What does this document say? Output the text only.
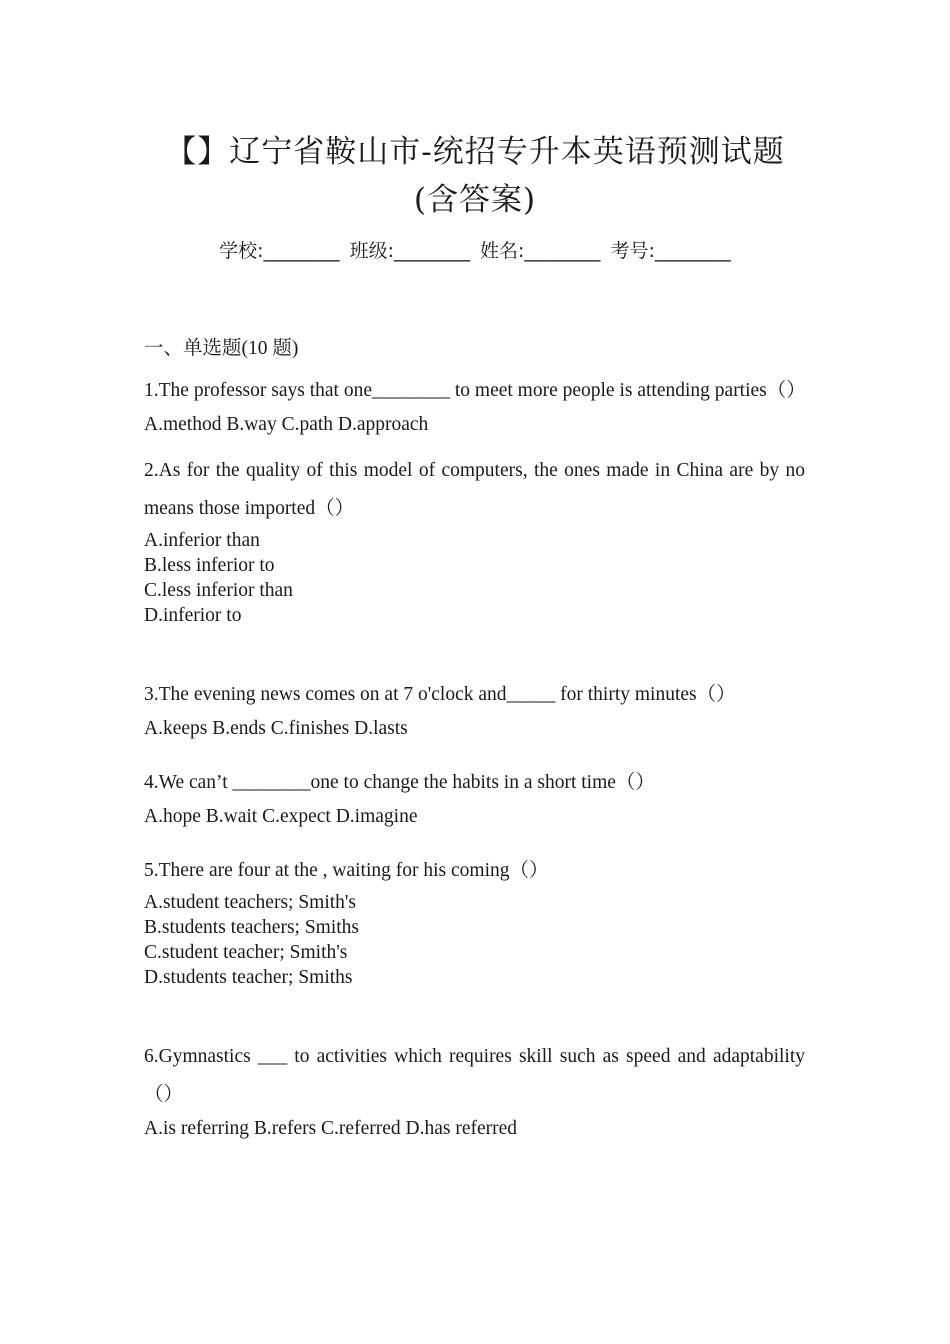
【】辽宁省鞍山市-统招专升本英语预测试题(含答案)
学校:________ 班级:________ 姓名:________ 考号:________
一、单选题(10 题)

1.The professor says that one________ to meet more people is attending parties（）

A.method B.way C.path D.approach

2.As for the quality of this model of computers, the ones made in China are by no means those imported（）

A.inferior than
B.less inferior to
C.less inferior than
D.inferior to

3.The evening news comes on at 7 o'clock and_____ for thirty minutes（）

A.keeps B.ends C.finishes D.lasts

4.We can’t ________one to change the habits in a short time（）

A.hope B.wait C.expect D.imagine

5.There are four at the , waiting for his coming（）

A.student teachers; Smith's
B.students teachers; Smiths
C.student teacher; Smith's
D.students teacher; Smiths

6.Gymnastics ___ to activities which requires skill such as speed and adaptability（）

A.is referring B.refers C.referred D.has referred
